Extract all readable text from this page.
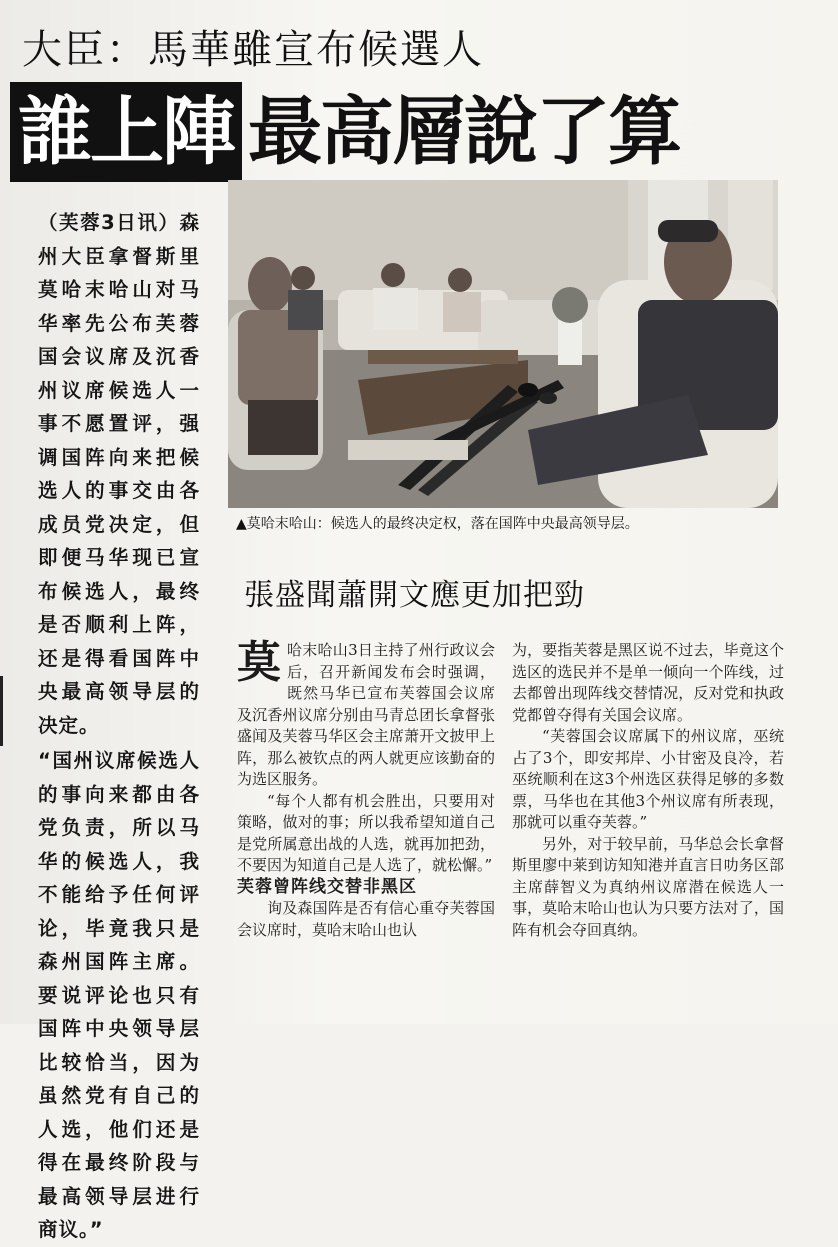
大臣：馬華雖宣布候選人
誰上陣 最高層說了算

（芙蓉3日讯）森州大臣拿督斯里莫哈末哈山对马华率先公布芙蓉国会议席及沉香州议席候选人一事不愿置评，强调国阵向来把候选人的事交由各成员党决定，但即便马华现已宣布候选人，最终是否顺利上阵，还是得看国阵中央最高领导层的决定。

“国州议席候选人的事向来都由各党负责，所以马华的候选人，我不能给予任何评论，毕竟我只是森州国阵主席。要说评论也只有国阵中央领导层比较恰当，因为虽然党有自己的人选，他们还是得在最终阶段与最高领导层进行商议。”

▲莫哈末哈山：候选人的最终决定权，落在国阵中央最高领导层。
張盛聞蕭開文應更加把勁

莫哈末哈山3日主持了州行政议会后，召开新闻发布会时强调，既然马华已宣布芙蓉国会议席及沉香州议席分别由马青总团长拿督张盛闻及芙蓉马华区会主席萧开文披甲上阵，那么被钦点的两人就更应该勤奋的为选区服务。

“每个人都有机会胜出，只要用对策略，做对的事；所以我希望知道自己是党所属意出战的人选，就再加把劲，不要因为知道自己是人选了，就松懈。”

芙蓉曾阵线交替非黑区

询及森国阵是否有信心重夺芙蓉国会议席时，莫哈末哈山也认

为，要指芙蓉是黑区说不过去，毕竟这个选区的选民并不是单一倾向一个阵线，过去都曾出现阵线交替情况，反对党和执政党都曾夺得有关国会议席。

“芙蓉国会议席属下的州议席，巫统占了3个，即安邦岸、小甘密及良冷，若巫统顺利在这3个州选区获得足够的多数票，马华也在其他3个州议席有所表现，那就可以重夺芙蓉。”

另外，对于较早前，马华总会长拿督斯里廖中莱到访知知港并直言日叻务区部主席薛智义为真纳州议席潜在候选人一事，莫哈末哈山也认为只要方法对了，国阵有机会夺回真纳。
